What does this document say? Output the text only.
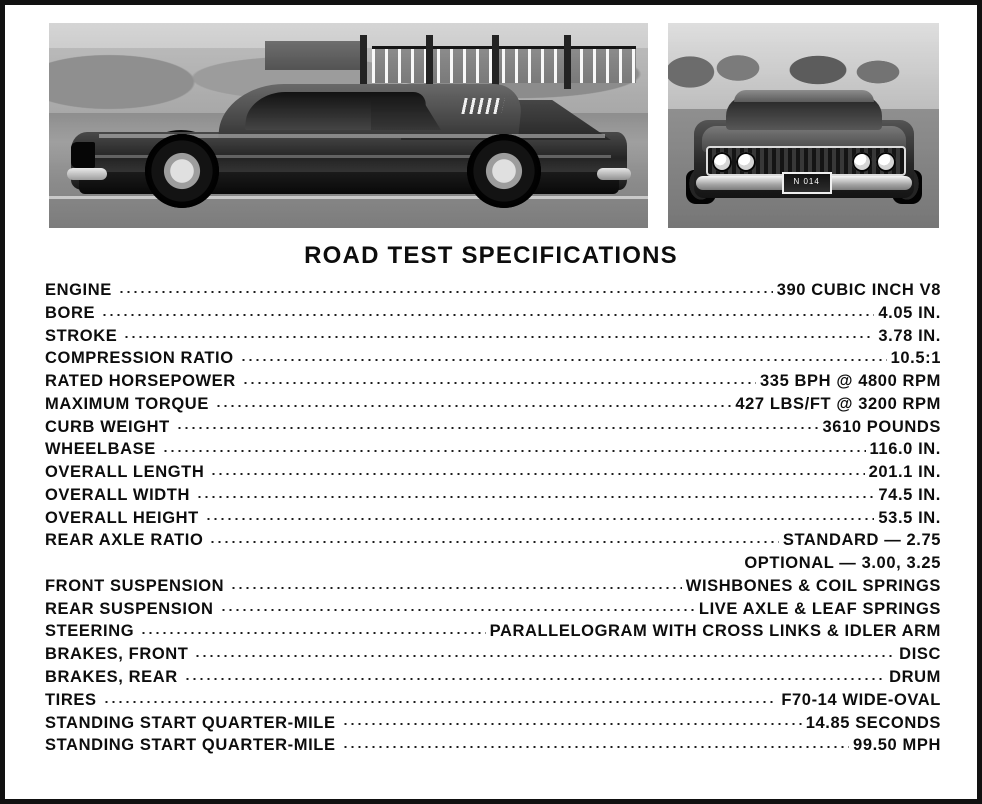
N 014
ROAD TEST SPECIFICATIONS
ENGINE	390 CUBIC INCH V8
BORE	4.05 IN.
STROKE	3.78 IN.
COMPRESSION RATIO	10.5:1
RATED HORSEPOWER	335 BPH @ 4800 RPM
MAXIMUM TORQUE	427 LBS/FT @ 3200 RPM
CURB WEIGHT	3610 POUNDS
WHEELBASE	116.0 IN.
OVERALL LENGTH	201.1 IN.
OVERALL WIDTH	74.5 IN.
OVERALL HEIGHT	53.5 IN.
REAR AXLE RATIO	STANDARD — 2.75
OPTIONAL — 3.00, 3.25
FRONT SUSPENSION	WISHBONES & COIL SPRINGS
REAR SUSPENSION	LIVE AXLE & LEAF SPRINGS
STEERING	PARALLELOGRAM WITH CROSS LINKS & IDLER ARM
BRAKES, FRONT	DISC
BRAKES, REAR	DRUM
TIRES	F70-14 WIDE-OVAL
STANDING START QUARTER-MILE	14.85 SECONDS
STANDING START QUARTER-MILE	99.50 MPH
